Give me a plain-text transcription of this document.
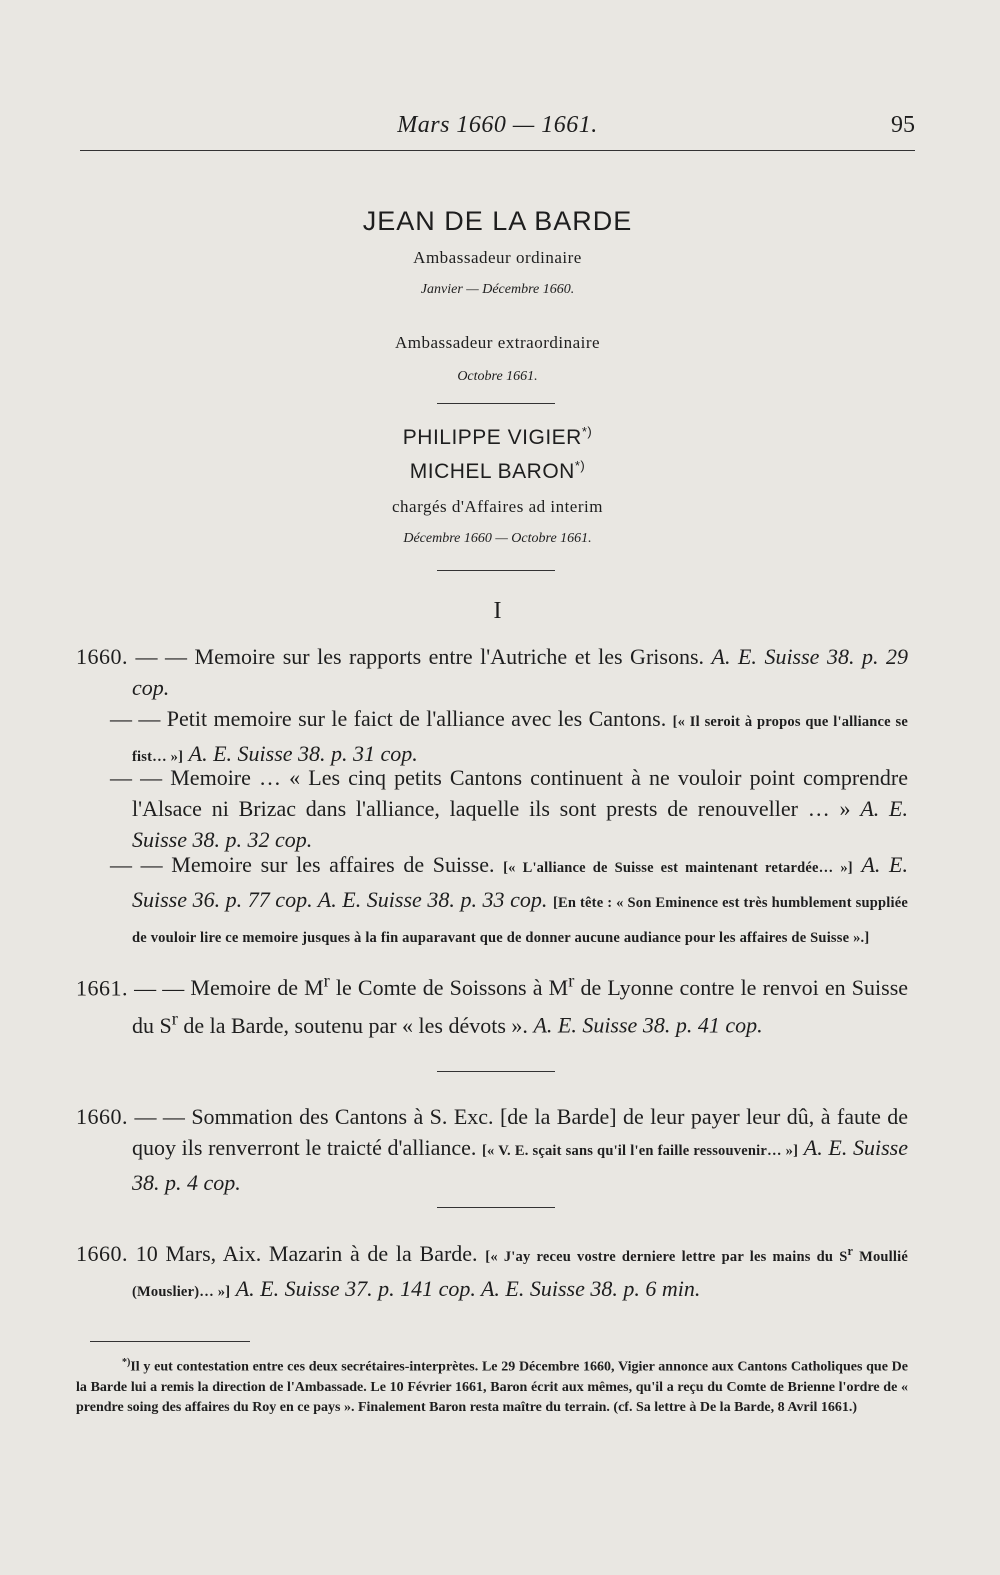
Mars 1660 — 1661.	95
JEAN DE LA BARDE
Ambassadeur ordinaire
Janvier — Décembre 1660.
Ambassadeur extraordinaire
Octobre 1661.
PHILIPPE VIGIER*)
MICHEL BARON*)
chargés d'Affaires ad interim
Décembre 1660 — Octobre 1661.
I
1660. — — Memoire sur les rapports entre l'Autriche et les Grisons. A. E. Suisse 38. p. 29 cop.
— — Petit memoire sur le faict de l'alliance avec les Cantons. [« Il seroit à propos que l'alliance se fist… »] A. E. Suisse 38. p. 31 cop.
— — Memoire … « Les cinq petits Cantons continuent à ne vouloir point comprendre l'Alsace ni Brizac dans l'alliance, laquelle ils sont prests de renouveller … » A. E. Suisse 38. p. 32 cop.
— — Memoire sur les affaires de Suisse. [« L'alliance de Suisse est maintenant retardée… »] A. E. Suisse 36. p. 77 cop. A. E. Suisse 38. p. 33 cop. [En tête : « Son Eminence est très humblement suppliée de vouloir lire ce memoire jusques à la fin auparavant que de donner aucune audiance pour les affaires de Suisse ».]
1661. — — Memoire de $M^r$ le Comte de Soissons à $M^r$ de Lyonne contre le renvoi en Suisse du $S^r$ de la Barde, soutenu par « les dévots ». A. E. Suisse 38. p. 41 cop.
1660. — — Sommation des Cantons à S. Exc. [de la Barde] de leur payer leur dû, à faute de quoy ils renverront le traicté d'alliance. [« V. E. sçait sans qu'il l'en faille ressouvenir… »] A. E. Suisse 38. p. 4 cop.
1660. 10 Mars, Aix. Mazarin à de la Barde. [« J'ay receu vostre derniere lettre par les mains du $S^r$ Moullié (Mouslier)… »] A. E. Suisse 37. p. 141 cop. A. E. Suisse 38. p. 6 min.
*)Il y eut contestation entre ces deux secrétaires-interprètes. Le 29 Décembre 1660, Vigier annonce aux Cantons Catholiques que De la Barde lui a remis la direction de l'Ambassade. Le 10 Février 1661, Baron écrit aux mêmes, qu'il a reçu du Comte de Brienne l'ordre de « prendre soing des affaires du Roy en ce pays ». Finalement Baron resta maître du terrain. (cf. Sa lettre à De la Barde, 8 Avril 1661.)
